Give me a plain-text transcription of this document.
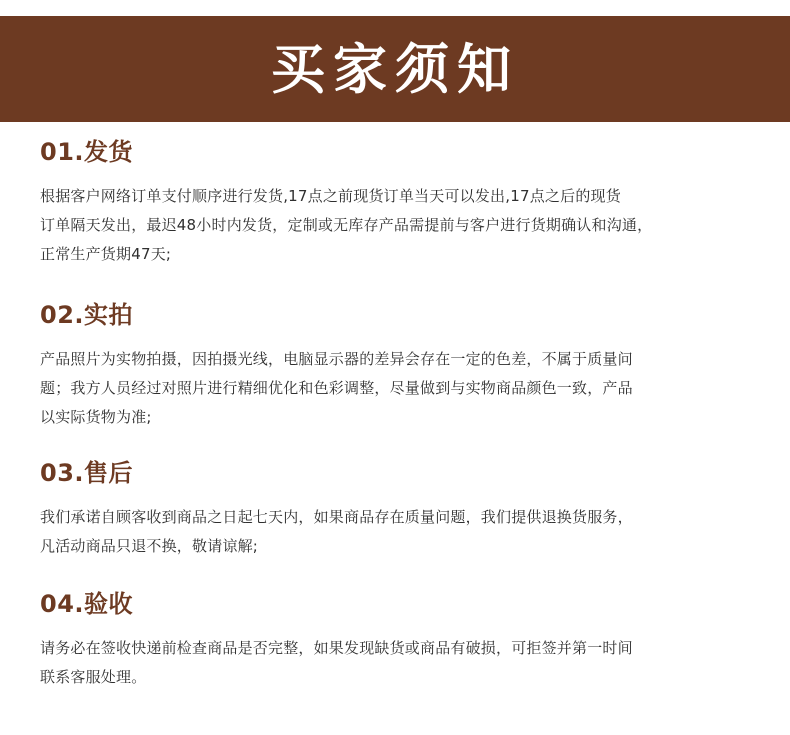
买家须知
01.发货
根据客户网络订单支付顺序进行发货,17点之前现货订单当天可以发出,17点之后的现货
订单隔天发出，最迟48小时内发货，定制或无库存产品需提前与客户进行货期确认和沟通，
正常生产货期47天;
02.实拍
产品照片为实物拍摄，因拍摄光线，电脑显示器的差异会存在一定的色差，不属于质量问
题；我方人员经过对照片进行精细优化和色彩调整，尽量做到与实物商品颜色一致，产品
以实际货物为准;
03.售后
我们承诺自顾客收到商品之日起七天内，如果商品存在质量问题，我们提供退换货服务，
凡活动商品只退不换，敬请谅解;
04.验收
请务必在签收快递前检查商品是否完整，如果发现缺货或商品有破损，可拒签并第一时间
联系客服处理。
